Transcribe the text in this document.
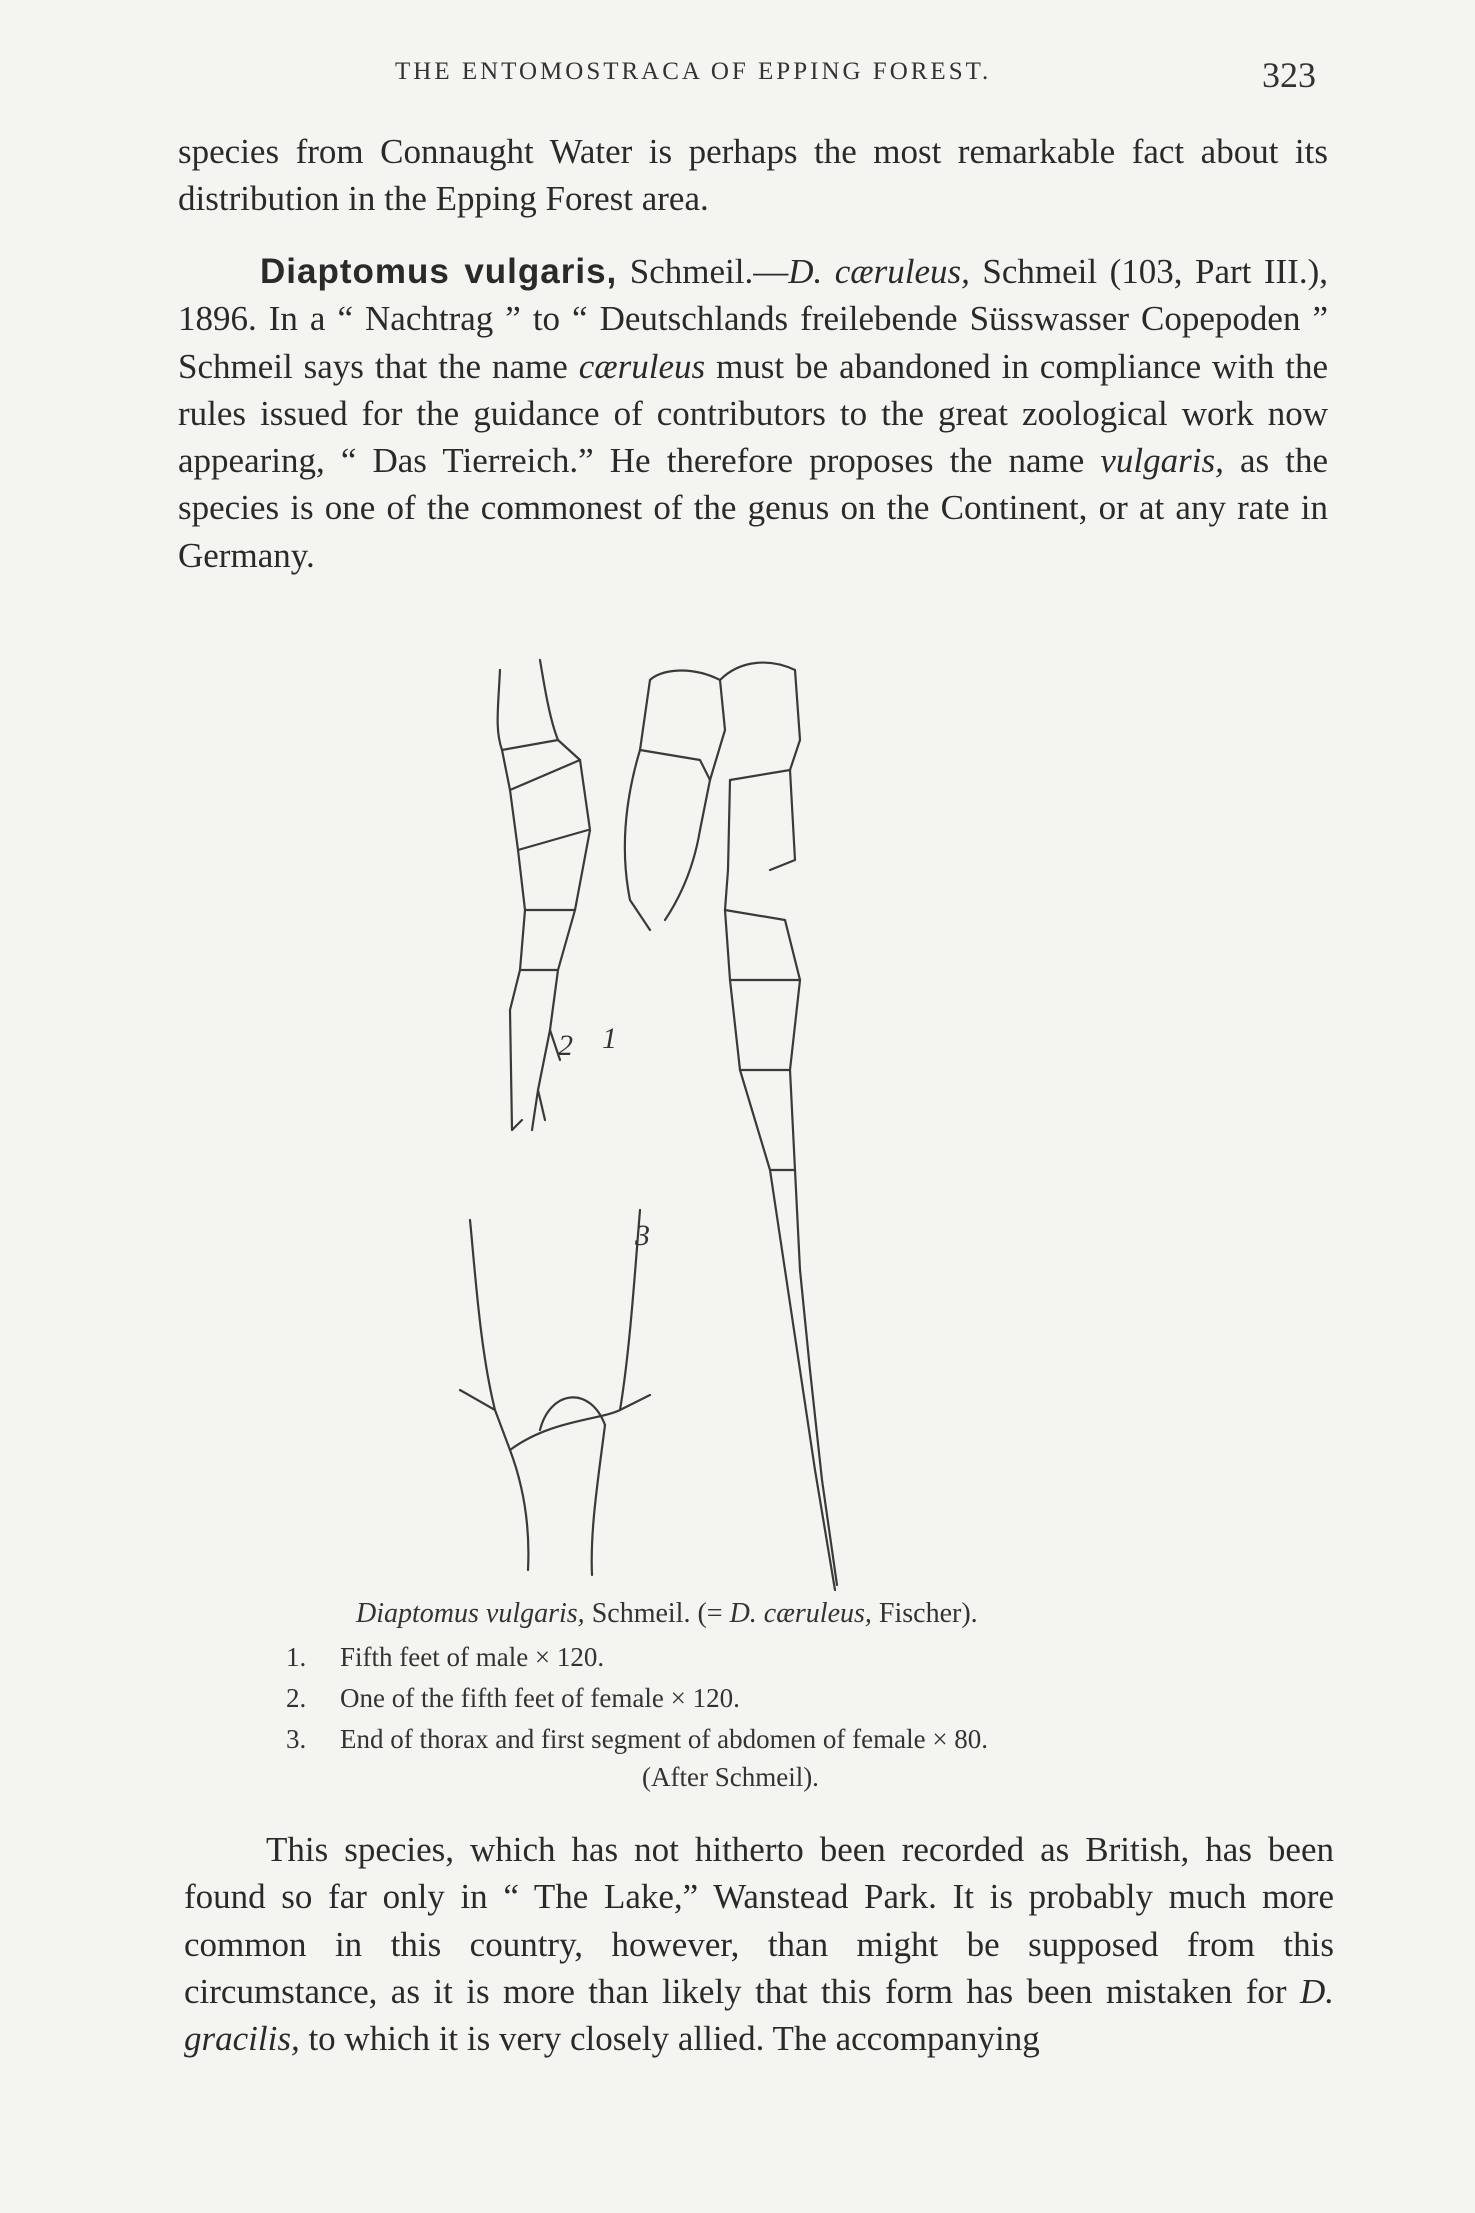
THE ENTOMOSTRACA OF EPPING FOREST.	323

species from Connaught Water is perhaps the most remarkable fact about its distribution in the Epping Forest area.

Diaptomus vulgaris, Schmeil.—D. cæruleus, Schmeil (103, Part III.), 1896. In a “ Nachtrag ” to “ Deutschlands freilebende Süsswasser Copepoden ” Schmeil says that the name cæruleus must be abandoned in compliance with the rules issued for the guidance of contributors to the great zoological work now appearing, “ Das Tierreich.” He therefore proposes the name vulgaris, as the species is one of the commonest of the genus on the Continent, or at any rate in Germany.

1
2
3
Diaptomus vulgaris, Schmeil. (= D. cæruleus, Fischer).
1.	Fifth feet of male × 120.
2.	One of the fifth feet of female × 120.
3.	End of thorax and first segment of abdomen of female × 80.
(After Schmeil).

This species, which has not hitherto been recorded as British, has been found so far only in “ The Lake,” Wanstead Park. It is probably much more common in this country, however, than might be supposed from this circumstance, as it is more than likely that this form has been mistaken for D. gracilis, to which it is very closely allied. The accompanying
